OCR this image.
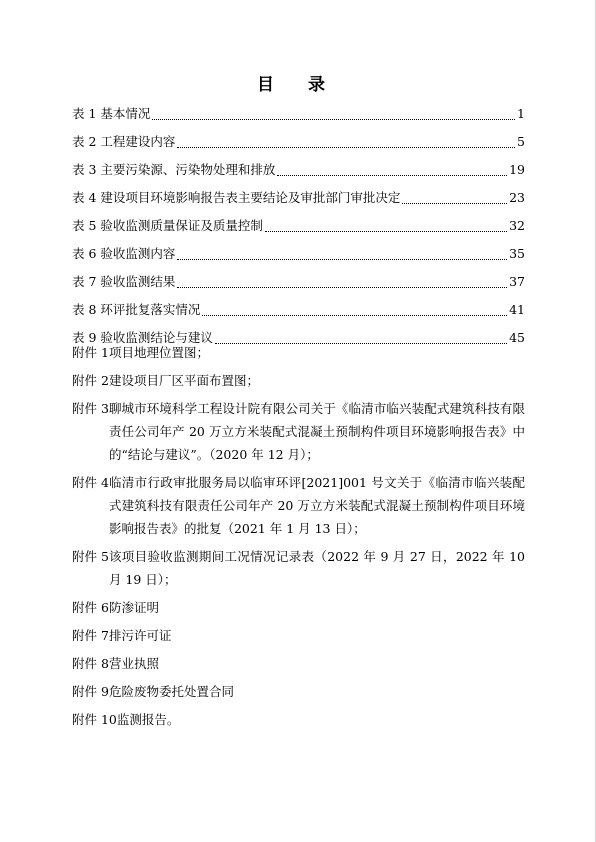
目 录
表 1 基本情况	1
表 2 工程建设内容	5
表 3 主要污染源、污染物处理和排放	19
表 4 建设项目环境影响报告表主要结论及审批部门审批决定	23
表 5 验收监测质量保证及质量控制	32
表 6 验收监测内容	35
表 7 验收监测结果	37
表 8 环评批复落实情况	41
表 9 验收监测结论与建议	45
附件 1 项目地理位置图；
附件 2 建设项目厂区平面布置图；
附件 3 聊城市环境科学工程设计院有限公司关于《临清市临兴装配式建筑科技有限责任公司年产 20 万立方米装配式混凝土预制构件项目环境影响报告表》中的“结论与建议”。（2020 年 12 月）；
附件 4 临清市行政审批服务局以临审环评[2021]001 号文关于《临清市临兴装配式建筑科技有限责任公司年产 20 万立方米装配式混凝土预制构件项目环境影响报告表》的批复（2021 年 1 月 13 日）；
附件 5 该项目验收监测期间工况情况记录表（2022 年 9 月 27 日，2022 年 10 月 19 日）；
附件 6 防渗证明
附件 7 排污许可证
附件 8 营业执照
附件 9 危险废物委托处置合同
附件 10 监测报告。
